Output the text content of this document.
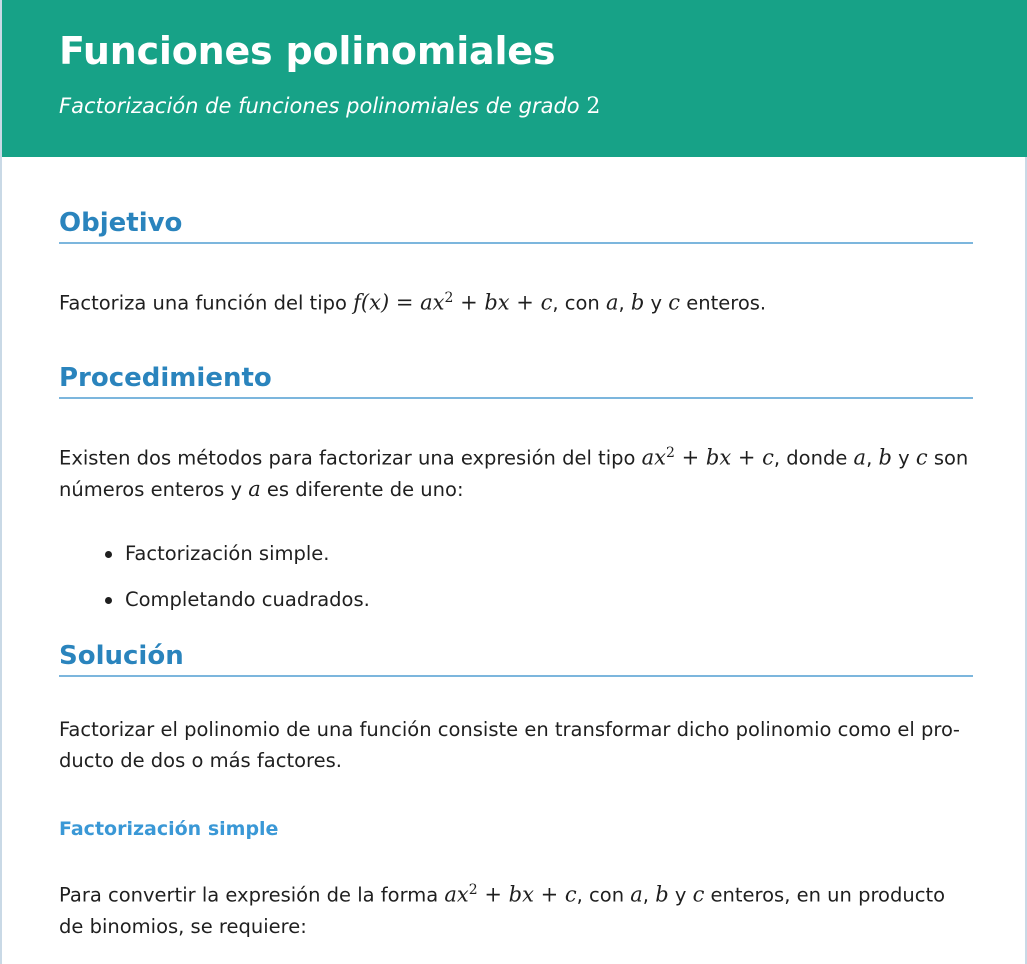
Funciones polinomiales

Factorización de funciones polinomiales de grado 2

Objetivo

Factoriza una función del tipo $f(x) = ax^2$ + bx + c, con a, b y c enteros.

Procedimiento

Existen dos métodos para factorizar una expresión del tipo $ax^2$ + bx + c, donde a, b y c son números enteros y a es diferente de uno:

Factorización simple.
Completando cuadrados.
Solución

Factorizar el polinomio de una función consiste en transformar dicho polinomio como el producto de dos o más factores.

Factorización simple

Para convertir la expresión de la forma $ax^2$ + bx + c, con a, b y c enteros, en un producto de binomios, se requiere:
